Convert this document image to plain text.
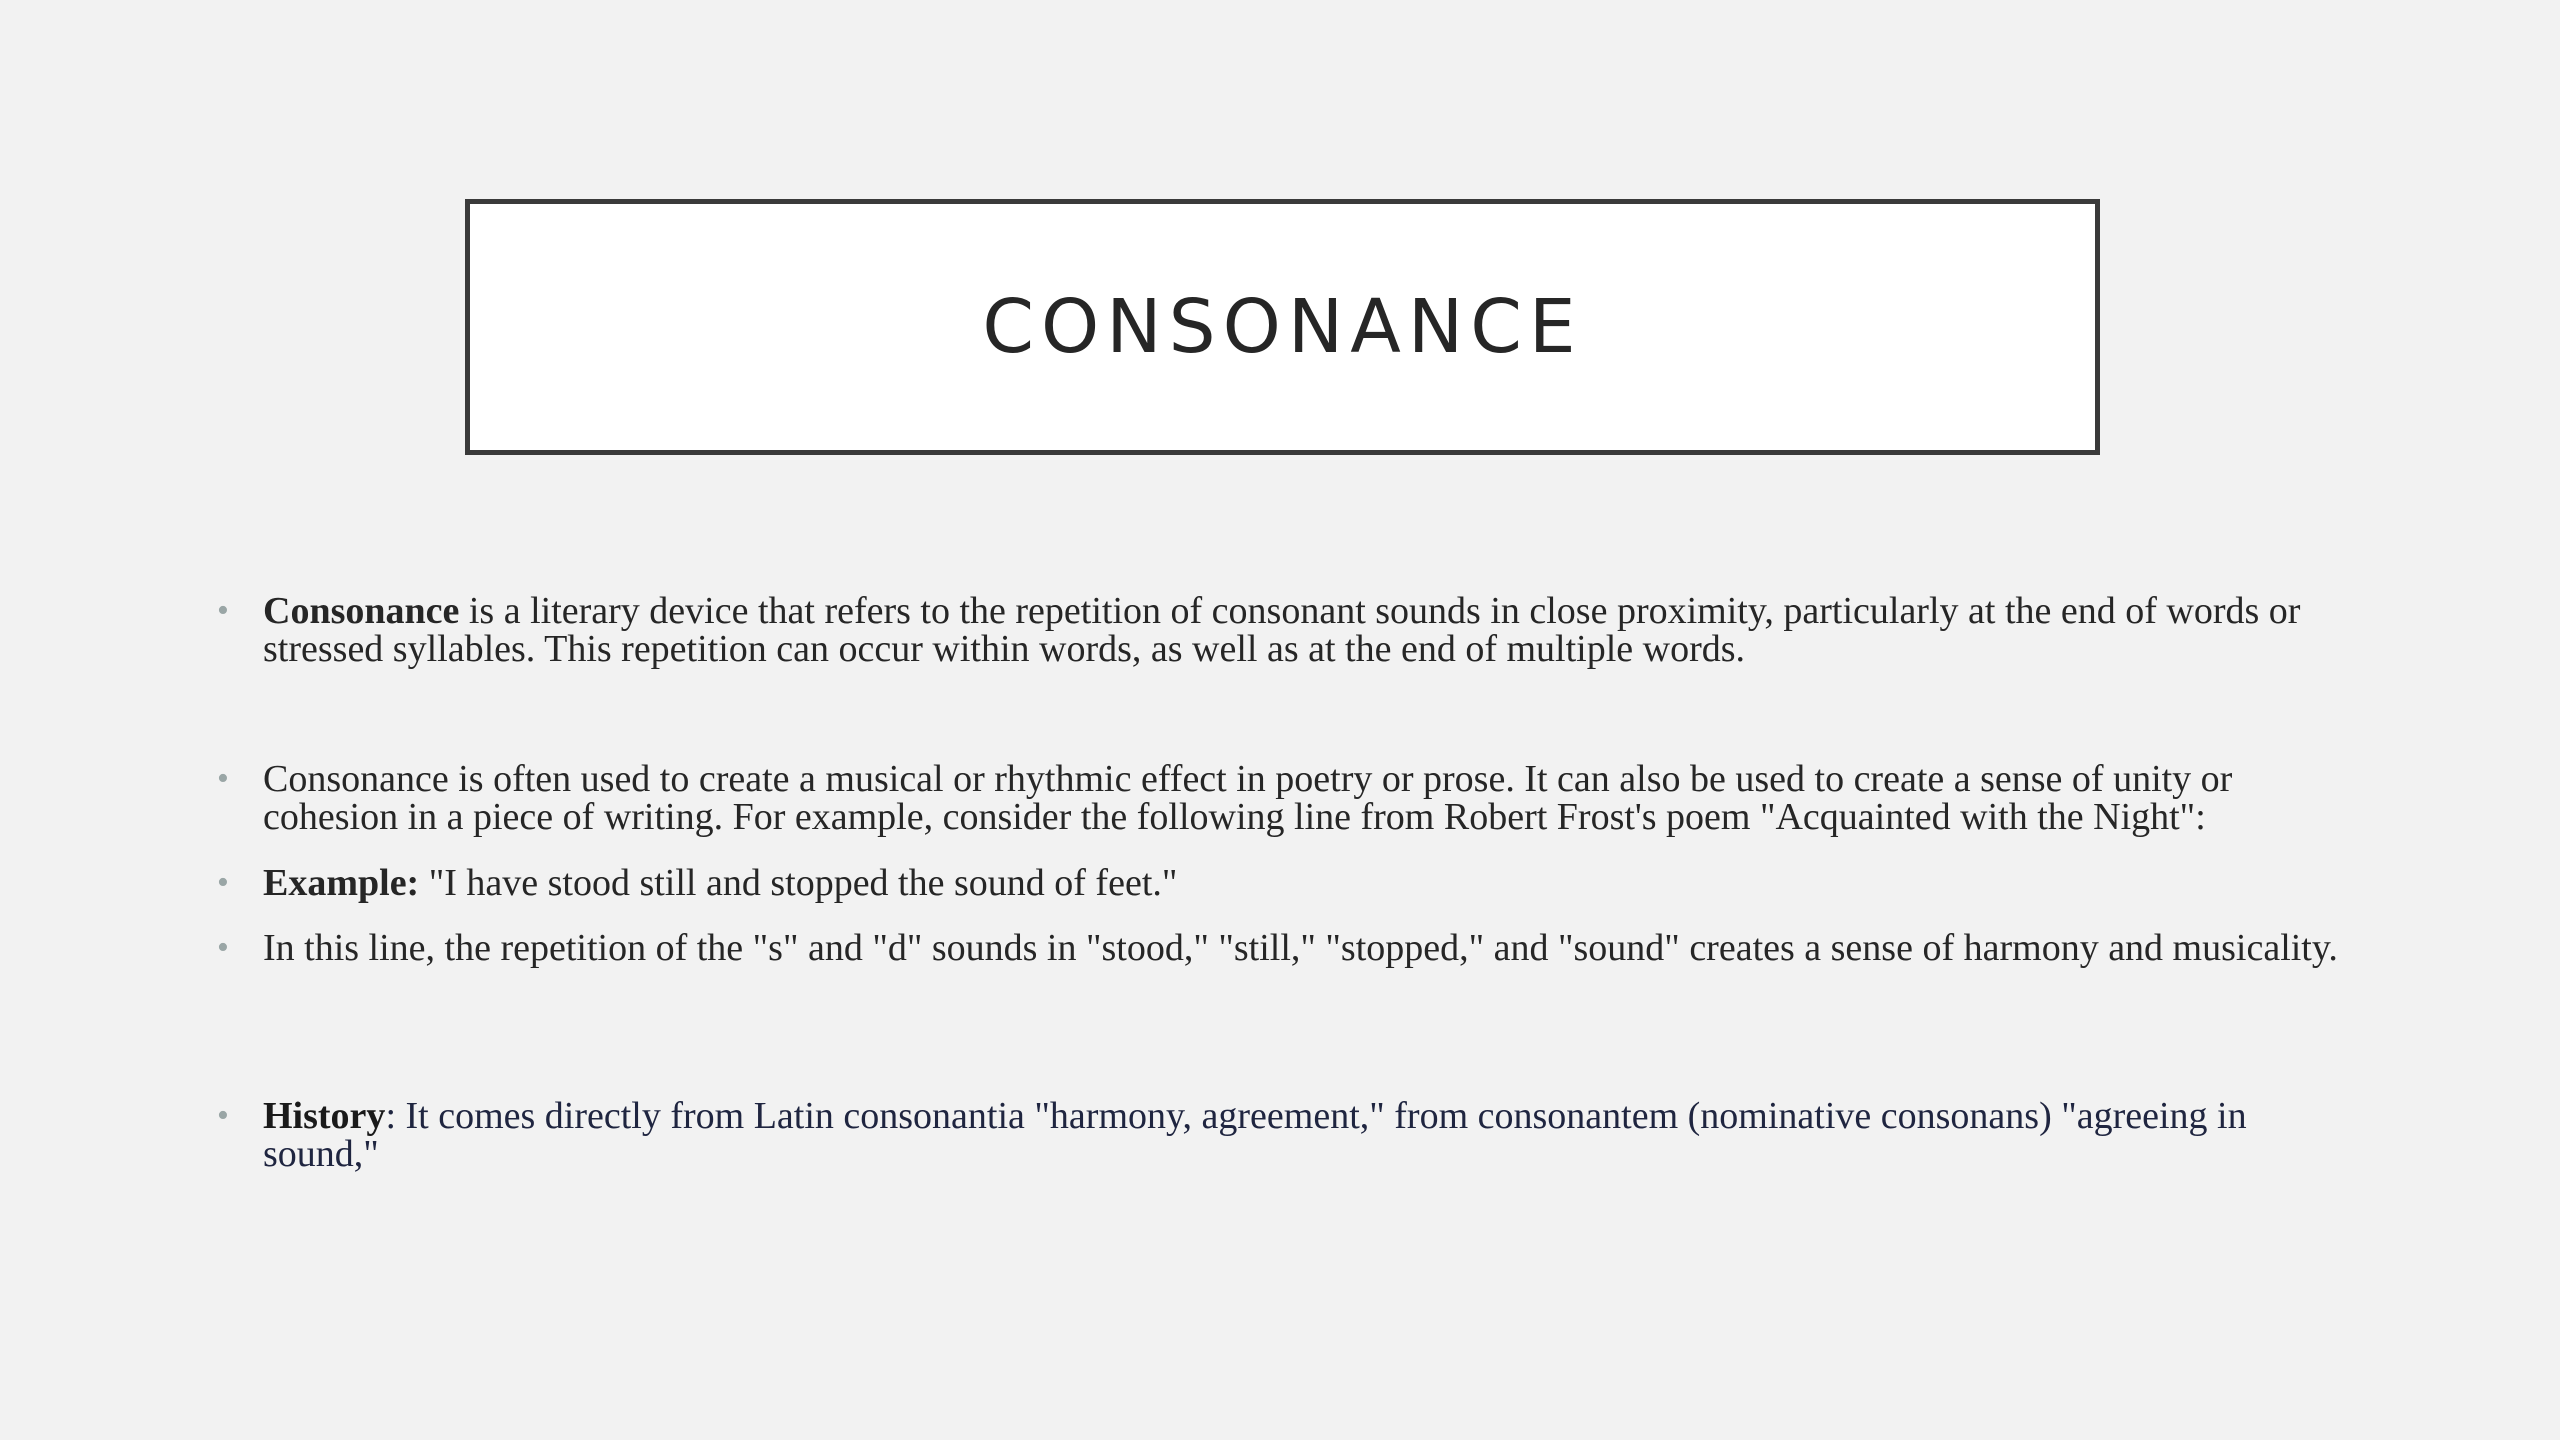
CONSONANCE
• Consonance is a literary device that refers to the repetition of consonant sounds in close proximity, particularly at the end of words or stressed syllables. This repetition can occur within words, as well as at the end of multiple words.
• Consonance is often used to create a musical or rhythmic effect in poetry or prose. It can also be used to create a sense of unity or cohesion in a piece of writing. For example, consider the following line from Robert Frost's poem "Acquainted with the Night":
• Example: "I have stood still and stopped the sound of feet."
• In this line, the repetition of the "s" and "d" sounds in "stood," "still," "stopped," and "sound" creates a sense of harmony and musicality.
• History: It comes directly from Latin consonantia "harmony, agreement," from consonantem (nominative consonans) "agreeing in sound,"
